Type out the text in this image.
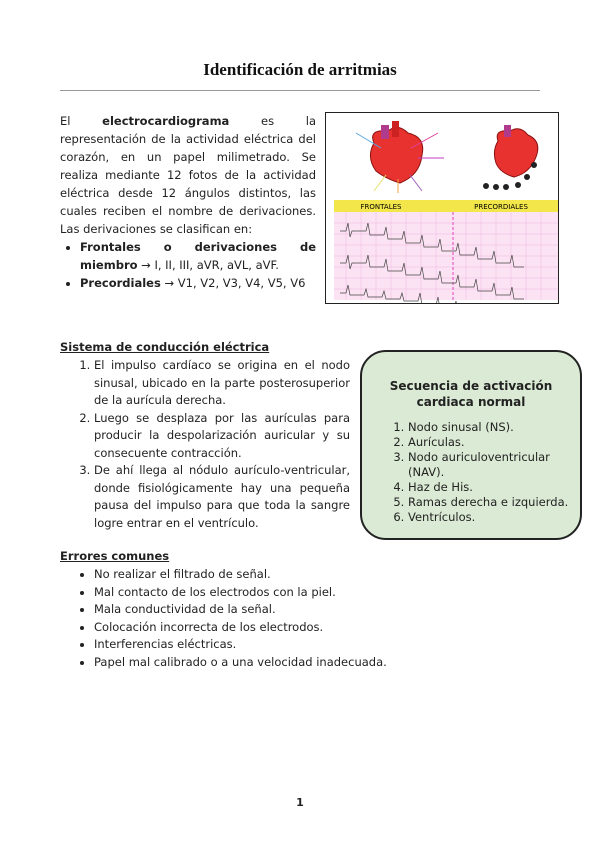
Identificación de arritmias
El electrocardiograma es la representación de la actividad eléctrica del corazón, en un papel milimetrado. Se realiza mediante 12 fotos de la actividad eléctrica desde 12 ángulos distintos, las cuales reciben el nombre de derivaciones. Las derivaciones se clasifican en:
• Frontales o derivaciones de miembro → I, II, III, aVR, aVL, aVF.
• Precordiales → V1, V2, V3, V4, V5, V6
FRONTALES	PRECORDIALES
Sistema de conducción eléctrica
1. El impulso cardíaco se origina en el nodo sinusal, ubicado en la parte posterosuperior de la aurícula derecha.
2. Luego se desplaza por las aurículas para producir la despolarización auricular y su consecuente contracción.
3. De ahí llega al nódulo aurículo-ventricular, donde fisiológicamente hay una pequeña pausa del impulso para que toda la sangre logre entrar en el ventrículo.
Secuencia de activación cardiaca normal
1. Nodo sinusal (NS).
2. Aurículas.
3. Nodo auriculoventricular (NAV).
4. Haz de His.
5. Ramas derecha e izquierda.
6. Ventrículos.
Errores comunes
• No realizar el filtrado de señal.
• Mal contacto de los electrodos con la piel.
• Mala conductividad de la señal.
• Colocación incorrecta de los electrodos.
• Interferencias eléctricas.
• Papel mal calibrado o a una velocidad inadecuada.
1
